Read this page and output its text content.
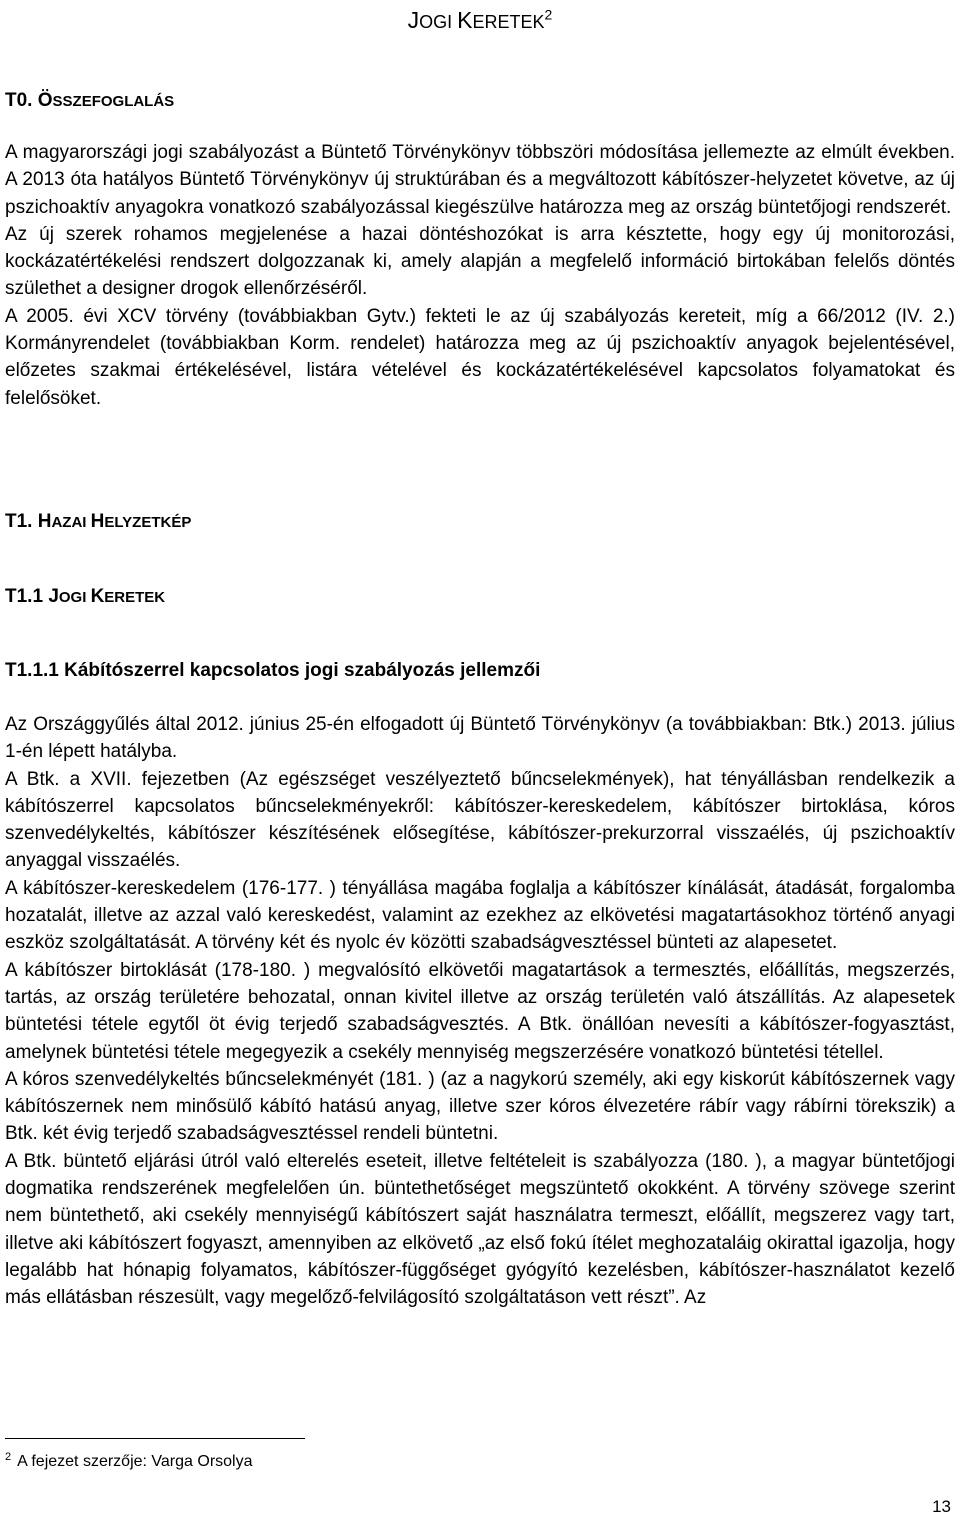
JOGI KERETEK$^2$
T0. ÖSSZEFOGLALÁS

A magyarországi jogi szabályozást a Büntető Törvénykönyv többszöri módosítása jellemezte az elmúlt években. A 2013 óta hatályos Büntető Törvénykönyv új struktúrában és a megváltozott kábítószer-helyzetet követve, az új pszichoaktív anyagokra vonatkozó szabályozással kiegészülve határozza meg az ország büntetőjogi rendszerét.

Az új szerek rohamos megjelenése a hazai döntéshozókat is arra késztette, hogy egy új monitorozási, kockázatértékelési rendszert dolgozzanak ki, amely alapján a megfelelő információ birtokában felelős döntés születhet a designer drogok ellenőrzéséről.

A 2005. évi XCV törvény (továbbiakban Gytv.) fekteti le az új szabályozás kereteit, míg a 66/2012 (IV. 2.) Kormányrendelet (továbbiakban Korm. rendelet) határozza meg az új pszichoaktív anyagok bejelentésével, előzetes szakmai értékelésével, listára vételével és kockázatértékelésével kapcsolatos folyamatokat és felelősöket.

T1. HAZAI HELYZETKÉP
T1.1 JOGI KERETEK
T1.1.1 Kábítószerrel kapcsolatos jogi szabályozás jellemzői

Az Országgyűlés által 2012. június 25-én elfogadott új Büntető Törvénykönyv (a továbbiakban: Btk.) 2013. július 1-én lépett hatályba.

A Btk. a XVII. fejezetben (Az egészséget veszélyeztető bűncselekmények), hat tényállásban rendelkezik a kábítószerrel kapcsolatos bűncselekményekről: kábítószer-kereskedelem, kábítószer birtoklása, kóros szenvedélykeltés, kábítószer készítésének elősegítése, kábítószer-prekurzorral visszaélés, új pszichoaktív anyaggal visszaélés.

A kábítószer-kereskedelem (176-177. ) tényállása magába foglalja a kábítószer kínálását, átadását, forgalomba hozatalát, illetve az azzal való kereskedést, valamint az ezekhez az elkövetési magatartásokhoz történő anyagi eszköz szolgáltatását. A törvény két és nyolc év közötti szabadságvesztéssel bünteti az alapesetet.

A kábítószer birtoklását (178-180. ) megvalósító elkövetői magatartások a termesztés, előállítás, megszerzés, tartás, az ország területére behozatal, onnan kivitel illetve az ország területén való átszállítás. Az alapesetek büntetési tétele egytől öt évig terjedő szabadságvesztés. A Btk. önállóan nevesíti a kábítószer-fogyasztást, amelynek büntetési tétele megegyezik a csekély mennyiség megszerzésére vonatkozó büntetési tétellel.

A kóros szenvedélykeltés bűncselekményét (181. ) (az a nagykorú személy, aki egy kiskorút kábítószernek vagy kábítószernek nem minősülő kábító hatású anyag, illetve szer kóros élvezetére rábír vagy rábírni törekszik) a Btk. két évig terjedő szabadságvesztéssel rendeli büntetni.

A Btk. büntető eljárási útról való elterelés eseteit, illetve feltételeit is szabályozza (180. ), a magyar büntetőjogi dogmatika rendszerének megfelelően ún. büntethetőséget megszüntető okokként. A törvény szövege szerint nem büntethető, aki csekély mennyiségű kábítószert saját használatra termeszt, előállít, megszerez vagy tart, illetve aki kábítószert fogyaszt, amennyiben az elkövető „az első fokú ítélet meghozataláig okirattal igazolja, hogy legalább hat hónapig folyamatos, kábítószer-függőséget gyógyító kezelésben, kábítószer-használatot kezelő más ellátásban részesült, vagy megelőző-felvilágosító szolgáltatáson vett részt”. Az

$^2$ A fejezet szerzője: Varga Orsolya
13
